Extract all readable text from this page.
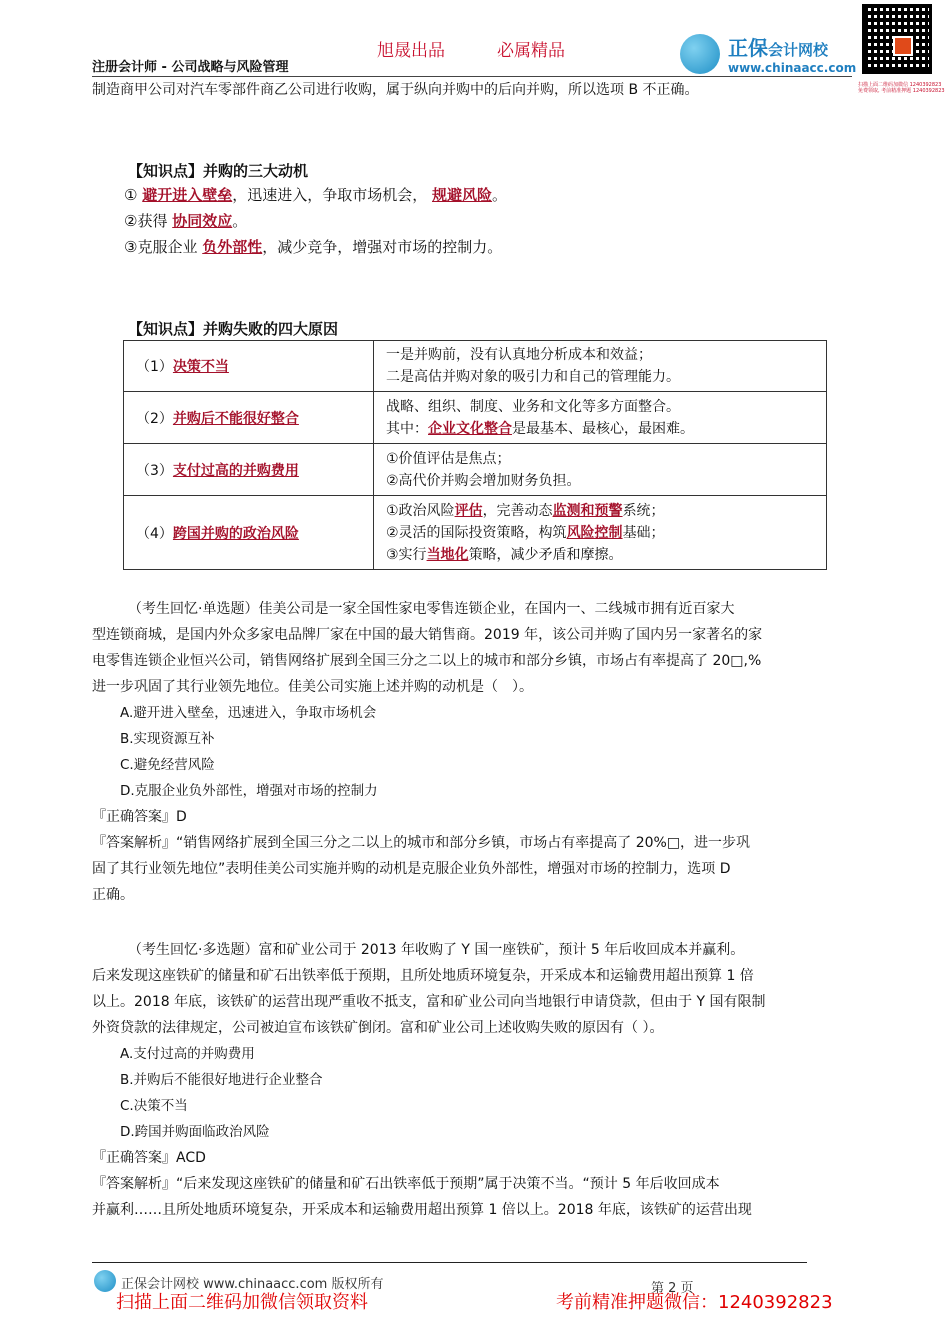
旭晟出品	必属精品
注册会计师 - 公司战略与风险管理
正保会计网校
www.chinaacc.com
扫描上面二维码加微信 1240392823
免费领取, 考前精准押题 1240392823
制造商甲公司对汽车零部件商乙公司进行收购，属于纵向并购中的后向并购，所以选项 B 不正确。
【知识点】并购的三大动机
① 避开进入壁垒，迅速进入，争取市场机会， 规避风险。
②获得 协同效应。
③克服企业 负外部性，减少竞争，增强对市场的控制力。
【知识点】并购失败的四大原因
（1）决策不当	一是并购前，没有认真地分析成本和效益；
二是高估并购对象的吸引力和自己的管理能力。

（2）并购后不能很好整合	战略、组织、制度、业务和文化等多方面整合。
其中：企业文化整合是最基本、最核心，最困难。

（3）支付过高的并购费用	①价值评估是焦点；
②高代价并购会增加财务负担。

（4）跨国并购的政治风险	①政治风险评估，完善动态监测和预警系统；
②灵活的国际投资策略，构筑风险控制基础；
③实行当地化策略，减少矛盾和摩擦。
（考生回忆·单选题）佳美公司是一家全国性家电零售连锁企业，在国内一、二线城市拥有近百家大
型连锁商城，是国内外众多家电品牌厂家在中国的最大销售商。2019 年，该公司并购了国内另一家著名的家
电零售连锁企业恒兴公司，销售网络扩展到全国三分之二以上的城市和部分乡镇，市场占有率提高了 20□,%
进一步巩固了其行业领先地位。佳美公司实施上述并购的动机是（　）。
A.避开进入壁垒，迅速进入，争取市场机会
B.实现资源互补
C.避免经营风险
D.克服企业负外部性，增强对市场的控制力
『正确答案』D
『答案解析』“销售网络扩展到全国三分之二以上的城市和部分乡镇，市场占有率提高了 20%□，进一步巩
固了其行业领先地位”表明佳美公司实施并购的动机是克服企业负外部性，增强对市场的控制力，选项 D
正确。
（考生回忆·多选题）富和矿业公司于 2013 年收购了 Y 国一座铁矿，预计 5 年后收回成本并赢利。
后来发现这座铁矿的储量和矿石出铁率低于预期，且所处地质环境复杂，开采成本和运输费用超出预算 1 倍
以上。2018 年底，该铁矿的运营出现严重收不抵支，富和矿业公司向当地银行申请贷款，但由于 Y 国有限制
外资贷款的法律规定，公司被迫宣布该铁矿倒闭。富和矿业公司上述收购失败的原因有（ ）。
A.支付过高的并购费用
B.并购后不能很好地进行企业整合
C.决策不当
D.跨国并购面临政治风险
『正确答案』ACD
『答案解析』“后来发现这座铁矿的储量和矿石出铁率低于预期”属于决策不当。“预计 5 年后收回成本
并赢利……且所处地质环境复杂，开采成本和运输费用超出预算 1 倍以上。2018 年底，该铁矿的运营出现
正保会计网校 www.chinaacc.com 版权所有	第 2 页
扫描上面二维码加微信领取资料	考前精准押题微信：1240392823
